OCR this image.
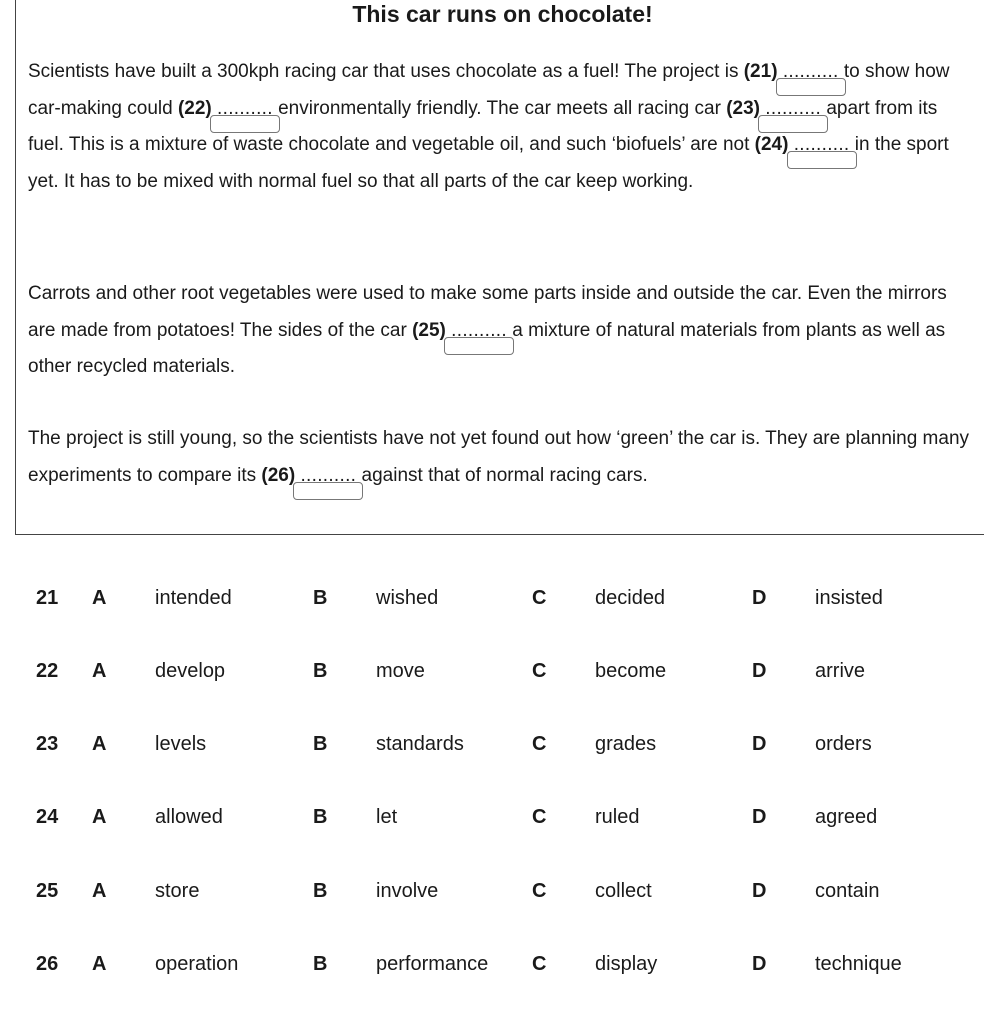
This car runs on chocolate!
Scientists have built a 300kph racing car that uses chocolate as a fuel! The project is (21) ..........
to show how car-making could (22) ..........
environmentally friendly. The car meets all racing car (23) ..........
apart from its fuel. This is a mixture of waste chocolate and vegetable oil, and such ‘biofuels’ are not (24) ..........
in the sport yet. It has to be mixed with normal fuel so that all parts of the car keep working.
Carrots and other root vegetables were used to make some parts inside and outside the car. Even the mirrors are made from potatoes! The sides of the car (25) ..........
a mixture of natural materials from plants as well as other recycled materials.
The project is still young, so the scientists have not yet found out how ‘green’ the car is. They are planning many experiments to compare its (26) ..........
against that of normal racing cars.
21 A intended	B wished	C decided	D insisted
22 A develop	B move	C become	D arrive
23 A levels	B standards	C grades	D orders
24 A allowed	B let	C ruled	D agreed
25 A store	B involve	C collect	D contain
26 A operation	B performance C display	D technique
